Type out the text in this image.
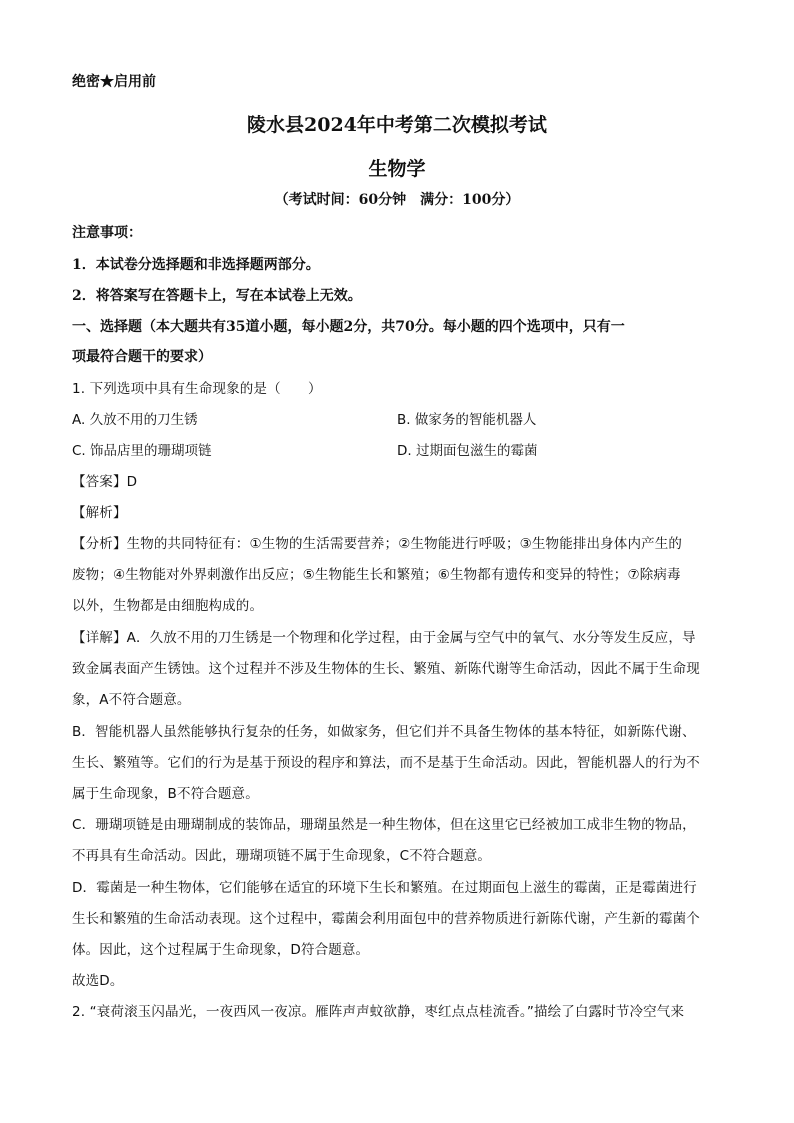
绝密★启用前
陵水县2024年中考第二次模拟考试
生物学
（考试时间：60分钟　满分：100分）
注意事项：
1．本试卷分选择题和非选择题两部分。
2．将答案写在答题卡上，写在本试卷上无效。
一、选择题（本大题共有35道小题，每小题2分，共70分。每小题的四个选项中，只有一
项最符合题干的要求）
1. 下列选项中具有生命现象的是（　　）
A. 久放不用的刀生锈	B. 做家务的智能机器人
C. 饰品店里的珊瑚项链	D. 过期面包滋生的霉菌
【答案】D
【解析】
【分析】生物的共同特征有：①生物的生活需要营养；②生物能进行呼吸；③生物能排出身体内产生的
废物；④生物能对外界刺激作出反应；⑤生物能生长和繁殖；⑥生物都有遗传和变异的特性；⑦除病毒
以外，生物都是由细胞构成的。
【详解】A．久放不用的刀生锈是一个物理和化学过程，由于金属与空气中的氧气、水分等发生反应，导
致金属表面产生锈蚀。这个过程并不涉及生物体的生长、繁殖、新陈代谢等生命活动，因此不属于生命现
象，A不符合题意。
B．智能机器人虽然能够执行复杂的任务，如做家务，但它们并不具备生物体的基本特征，如新陈代谢、
生长、繁殖等。它们的行为是基于预设的程序和算法，而不是基于生命活动。因此，智能机器人的行为不
属于生命现象，B不符合题意。
C．珊瑚项链是由珊瑚制成的装饰品，珊瑚虽然是一种生物体，但在这里它已经被加工成非生物的物品，
不再具有生命活动。因此，珊瑚项链不属于生命现象，C不符合题意。
D．霉菌是一种生物体，它们能够在适宜的环境下生长和繁殖。在过期面包上滋生的霉菌，正是霉菌进行
生长和繁殖的生命活动表现。这个过程中，霉菌会利用面包中的营养物质进行新陈代谢，产生新的霉菌个
体。因此，这个过程属于生命现象，D符合题意。
故选D。
2. “衰荷滚玉闪晶光，一夜西风一夜凉。雁阵声声蚊欲静，枣红点点桂流香。”描绘了白露时节冷空气来
